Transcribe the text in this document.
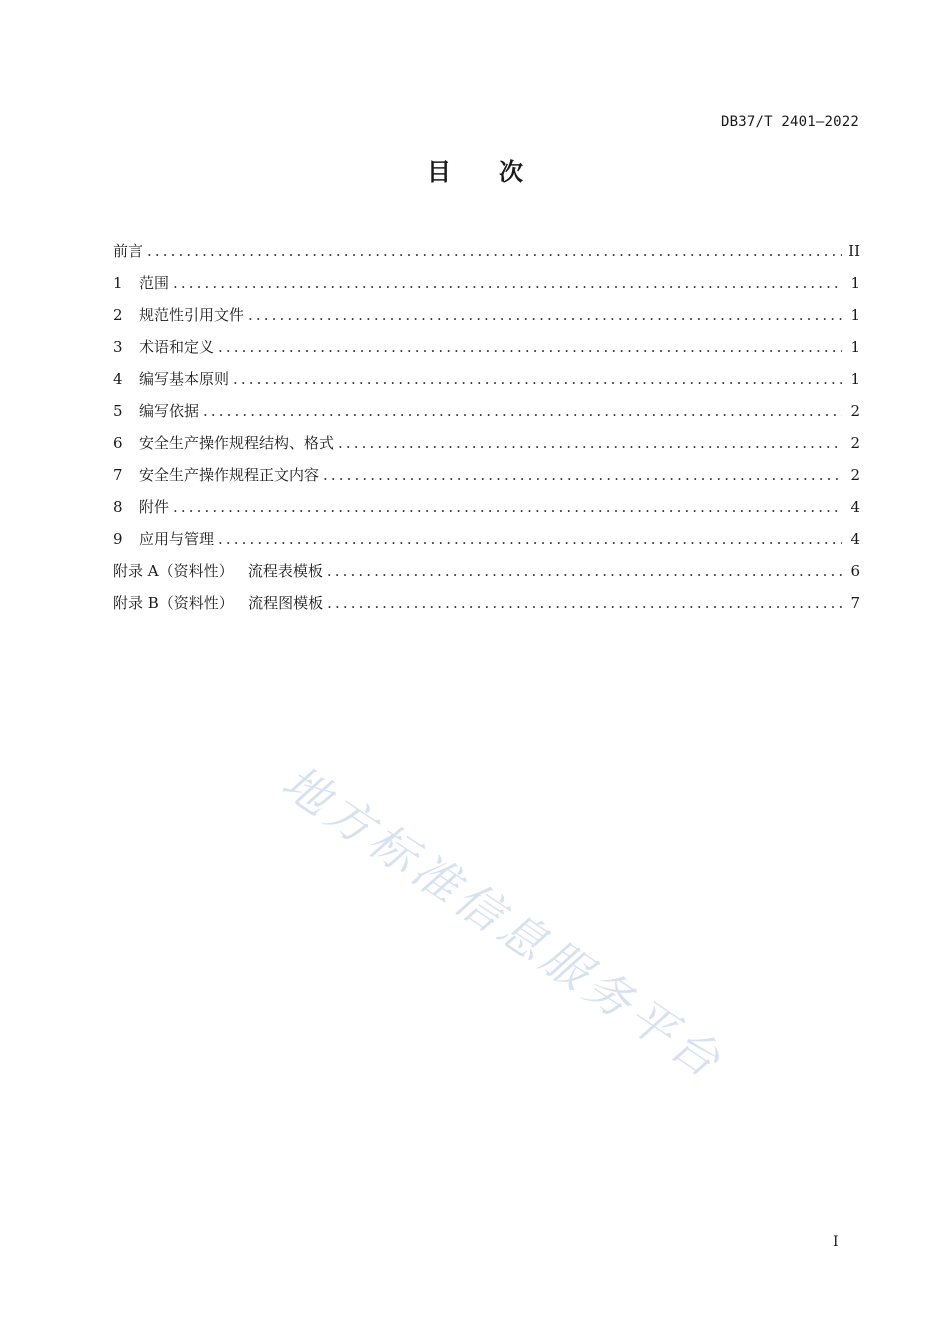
DB37/T 2401—2022
目 次
前言 .....	II
1	范围 .....	1
2	规范性引用文件 .....	1
3	术语和定义 .....	1
4	编写基本原则 .....	1
5	编写依据 .....	2
6	安全生产操作规程结构、格式 .....	2
7	安全生产操作规程正文内容 .....	2
8	附件 .....	4
9	应用与管理 .....	4
附录 A（资料性）   流程表模板 .....	6
附录 B（资料性）   流程图模板 .....	7
地方标准信息服务平台
I
